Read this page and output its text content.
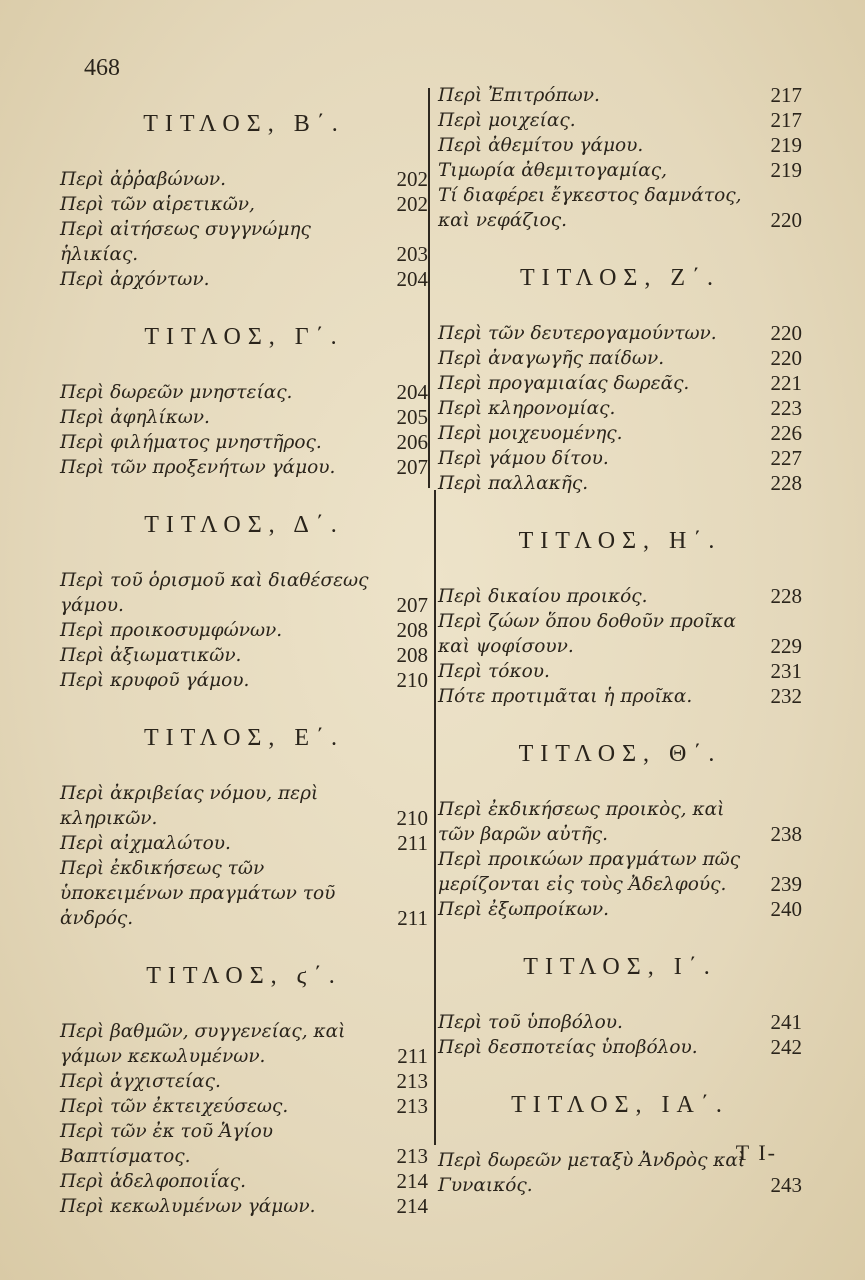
468
ΤΙΤΛΟΣ, Β΄.
Περὶ ἀῤῥαβώνων.	202
Περὶ τῶν αἱρετικῶν,	202
Περὶ αἰτήσεως συγγνώμης ἡλικίας.	203
Περὶ ἀρχόντων.	204
ΤΙΤΛΟΣ, Γ΄.
Περὶ δωρεῶν μνηστείας.	204
Περὶ ἀφηλίκων.	205
Περὶ φιλήματος μνηστῆρος.	206
Περὶ τῶν προξενήτων γάμου.	207
ΤΙΤΛΟΣ, Δ΄.
Περὶ τοῦ ὁρισμοῦ καὶ διαθέσεως γάμου.	207
Περὶ προικοσυμφώνων.	208
Περὶ ἀξιωματικῶν.	208
Περὶ κρυφοῦ γάμου.	210
ΤΙΤΛΟΣ, Ε΄.
Περὶ ἀκριβείας νόμου, περὶ κληρικῶν.	210
Περὶ αἰχμαλώτου.	211
Περὶ ἐκδικήσεως τῶν ὑποκειμένων πραγμάτων τοῦ ἀνδρός.	211
ΤΙΤΛΟΣ, ϛ΄.
Περὶ βαθμῶν, συγγενείας, καὶ γάμων κεκωλυμένων.	211
Περὶ ἀγχιστείας.	213
Περὶ τῶν ἐκτειχεύσεως.	213
Περὶ τῶν ἐκ τοῦ Ἁγίου Βαπτίσματος.	213
Περὶ ἀδελφοποιΐας.	214
Περὶ κεκωλυμένων γάμων.	214
Περὶ Ἐπιτρόπων.	217
Περὶ μοιχείας.	217
Περὶ ἀθεμίτου γάμου.	219
Τιμωρία ἀθεμιτογαμίας,	219
Τί διαφέρει ἔγκεστος δαμνάτος, καὶ νεφάζιος.	220
ΤΙΤΛΟΣ, Ζ΄.
Περὶ τῶν δευτερογαμούντων.	220
Περὶ ἀναγωγῆς παίδων.	220
Περὶ προγαμιαίας δωρεᾶς.	221
Περὶ κληρονομίας.	223
Περὶ μοιχευομένης.	226
Περὶ γάμου δίτου.	227
Περὶ παλλακῆς.	228
ΤΙΤΛΟΣ, Η΄.
Περὶ δικαίου προικός.	228
Περὶ ζώων ὅπου δοθοῦν προῖκα καὶ ψοφίσουν.	229
Περὶ τόκου.	231
Πότε προτιμᾶται ἡ προῖκα.	232
ΤΙΤΛΟΣ, Θ΄.
Περὶ ἐκδικήσεως προικὸς, καὶ τῶν βαρῶν αὐτῆς.	238
Περὶ προικώων πραγμάτων πῶς μερίζονται εἰς τοὺς Ἀδελφούς.	239
Περὶ ἐξωπροίκων.	240
ΤΙΤΛΟΣ, Ι΄.
Περὶ τοῦ ὑποβόλου.	241
Περὶ δεσποτείας ὑποβόλου.	242
ΤΙΤΛΟΣ, ΙΑ΄.
Περὶ δωρεῶν μεταξὺ Ἀνδρὸς καὶ Γυναικός.	243
T I-
